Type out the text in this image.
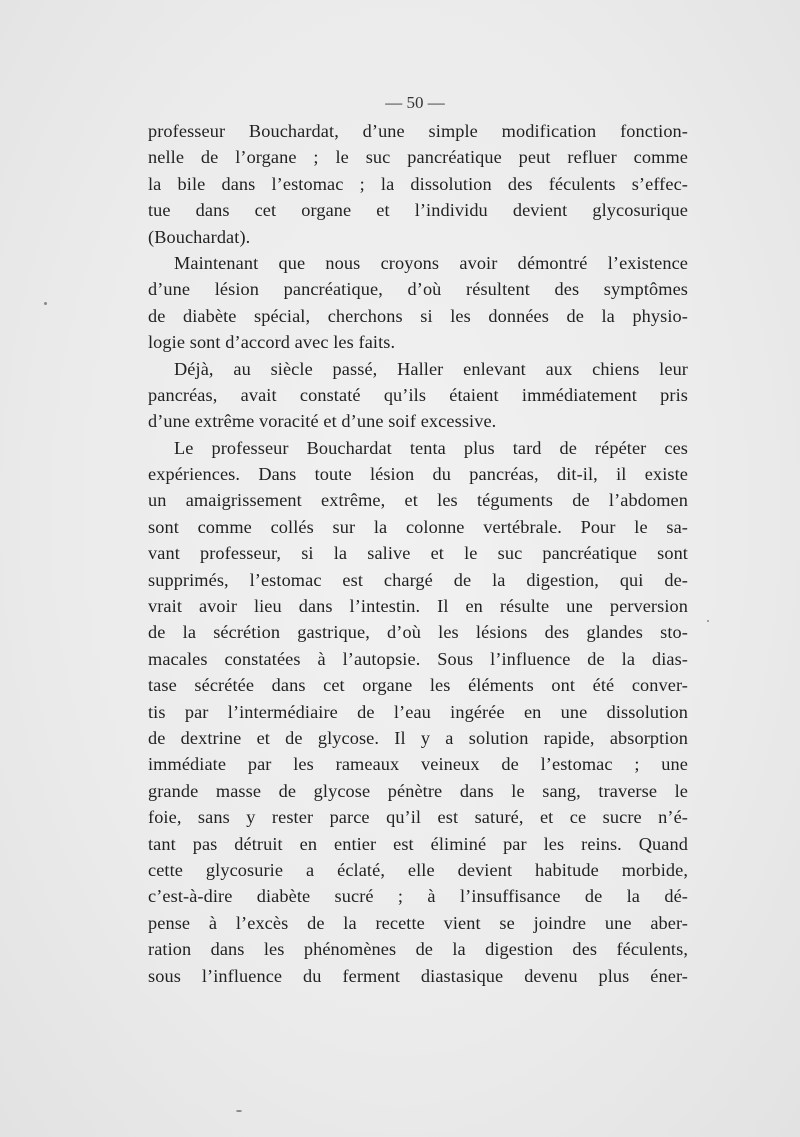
— 50 —
professeur Bouchardat, d’une simple modification fonction-
nelle de l’organe ; le suc pancréatique peut refluer comme
la bile dans l’estomac ; la dissolution des féculents s’effec-
tue dans cet organe et l’individu devient glycosurique
(Bouchardat).
Maintenant que nous croyons avoir démontré l’existence
d’une lésion pancréatique, d’où résultent des symptômes
de diabète spécial, cherchons si les données de la physio-
logie sont d’accord avec les faits.
Déjà, au siècle passé, Haller enlevant aux chiens leur
pancréas, avait constaté qu’ils étaient immédiatement pris
d’une extrême voracité et d’une soif excessive.
Le professeur Bouchardat tenta plus tard de répéter ces
expériences. Dans toute lésion du pancréas, dit-il, il existe
un amaigrissement extrême, et les téguments de l’abdomen
sont comme collés sur la colonne vertébrale. Pour le sa-
vant professeur, si la salive et le suc pancréatique sont
supprimés, l’estomac est chargé de la digestion, qui de-
vrait avoir lieu dans l’intestin. Il en résulte une perversion
de la sécrétion gastrique, d’où les lésions des glandes sto-
macales constatées à l’autopsie. Sous l’influence de la dias-
tase sécrétée dans cet organe les éléments ont été conver-
tis par l’intermédiaire de l’eau ingérée en une dissolution
de dextrine et de glycose. Il y a solution rapide, absorption
immédiate par les rameaux veineux de l’estomac ; une
grande masse de glycose pénètre dans le sang, traverse le
foie, sans y rester parce qu’il est saturé, et ce sucre n’é-
tant pas détruit en entier est éliminé par les reins. Quand
cette glycosurie a éclaté, elle devient habitude morbide,
c’est-à-dire diabète sucré ; à l’insuffisance de la dé-
pense à l’excès de la recette vient se joindre une aber-
ration dans les phénomènes de la digestion des féculents,
sous l’influence du ferment diastasique devenu plus éner-
